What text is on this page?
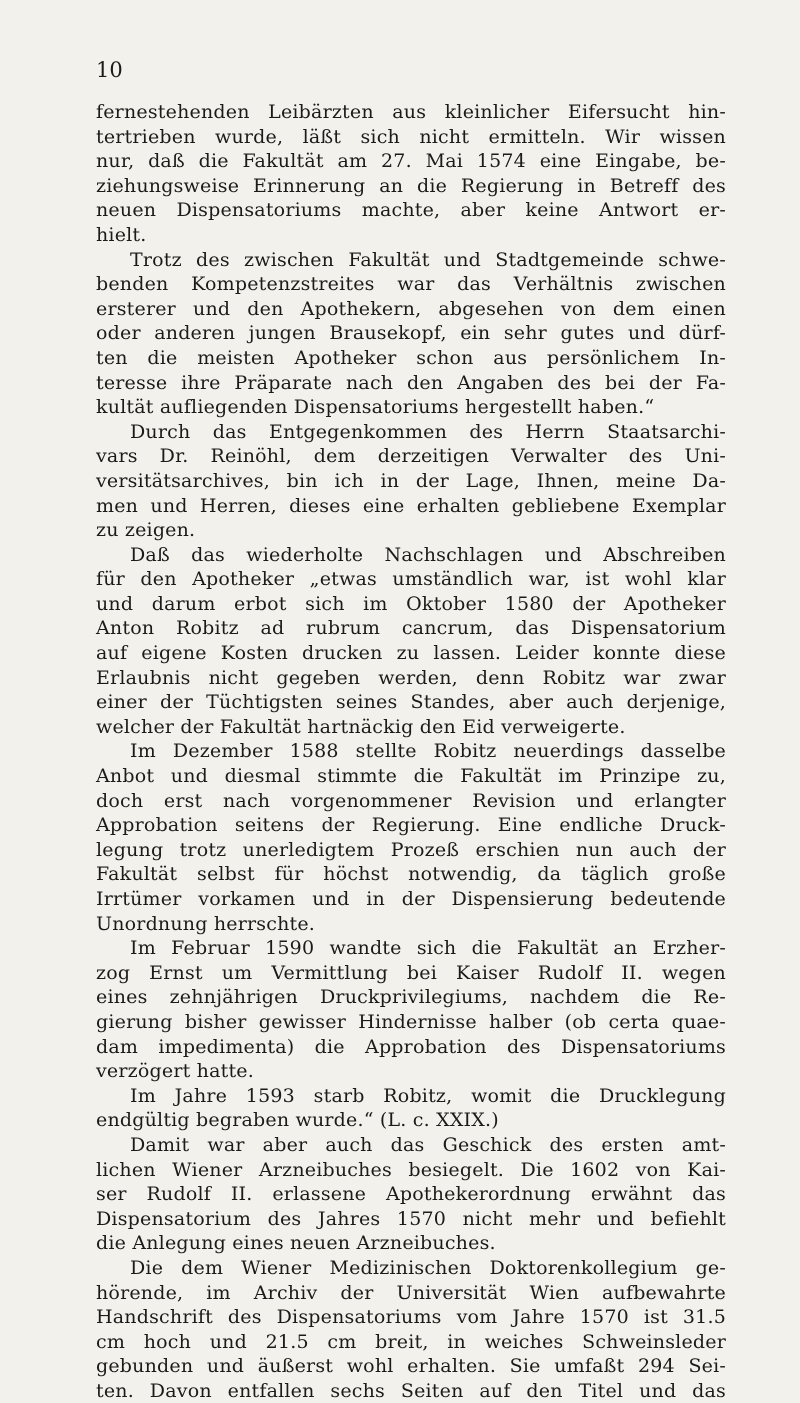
10
fernestehenden Leibärzten aus kleinlicher Eifersucht hin-
tertrieben wurde, läßt sich nicht ermitteln. Wir wissen
nur, daß die Fakultät am 27. Mai 1574 eine Eingabe, be-
ziehungsweise Erinnerung an die Regierung in Betreff des
neuen Dispensatoriums machte, aber keine Antwort er-
hielt.
Trotz des zwischen Fakultät und Stadtgemeinde schwe-
benden Kompetenzstreites war das Verhältnis zwischen
ersterer und den Apothekern, abgesehen von dem einen
oder anderen jungen Brausekopf, ein sehr gutes und dürf-
ten die meisten Apotheker schon aus persönlichem In-
teresse ihre Präparate nach den Angaben des bei der Fa-
kultät aufliegenden Dispensatoriums hergestellt haben.“
Durch das Entgegenkommen des Herrn Staatsarchi-
vars Dr. Reinöhl, dem derzeitigen Verwalter des Uni-
versitätsarchives, bin ich in der Lage, Ihnen, meine Da-
men und Herren, dieses eine erhalten gebliebene Exemplar
zu zeigen.
Daß das wiederholte Nachschlagen und Abschreiben
für den Apotheker „etwas umständlich war, ist wohl klar
und darum erbot sich im Oktober 1580 der Apotheker
Anton Robitz ad rubrum cancrum, das Dispensatorium
auf eigene Kosten drucken zu lassen. Leider konnte diese
Erlaubnis nicht gegeben werden, denn Robitz war zwar
einer der Tüchtigsten seines Standes, aber auch derjenige,
welcher der Fakultät hartnäckig den Eid verweigerte.
Im Dezember 1588 stellte Robitz neuerdings dasselbe
Anbot und diesmal stimmte die Fakultät im Prinzipe zu,
doch erst nach vorgenommener Revision und erlangter
Approbation seitens der Regierung. Eine endliche Druck-
legung trotz unerledigtem Prozeß erschien nun auch der
Fakultät selbst für höchst notwendig, da täglich große
Irrtümer vorkamen und in der Dispensierung bedeutende
Unordnung herrschte.
Im Februar 1590 wandte sich die Fakultät an Erzher-
zog Ernst um Vermittlung bei Kaiser Rudolf II. wegen
eines zehnjährigen Druckprivilegiums, nachdem die Re-
gierung bisher gewisser Hindernisse halber (ob certa quae-
dam impedimenta) die Approbation des Dispensatoriums
verzögert hatte.
Im Jahre 1593 starb Robitz, womit die Drucklegung
endgültig begraben wurde.“ (L. c. XXIX.)
Damit war aber auch das Geschick des ersten amt-
lichen Wiener Arzneibuches besiegelt. Die 1602 von Kai-
ser Rudolf II. erlassene Apothekerordnung erwähnt das
Dispensatorium des Jahres 1570 nicht mehr und befiehlt
die Anlegung eines neuen Arzneibuches.
Die dem Wiener Medizinischen Doktorenkollegium ge-
hörende, im Archiv der Universität Wien aufbewahrte
Handschrift des Dispensatoriums vom Jahre 1570 ist 31.5
cm hoch und 21.5 cm breit, in weiches Schweinsleder
gebunden und äußerst wohl erhalten. Sie umfaßt 294 Sei-
ten. Davon entfallen sechs Seiten auf den Titel und das
